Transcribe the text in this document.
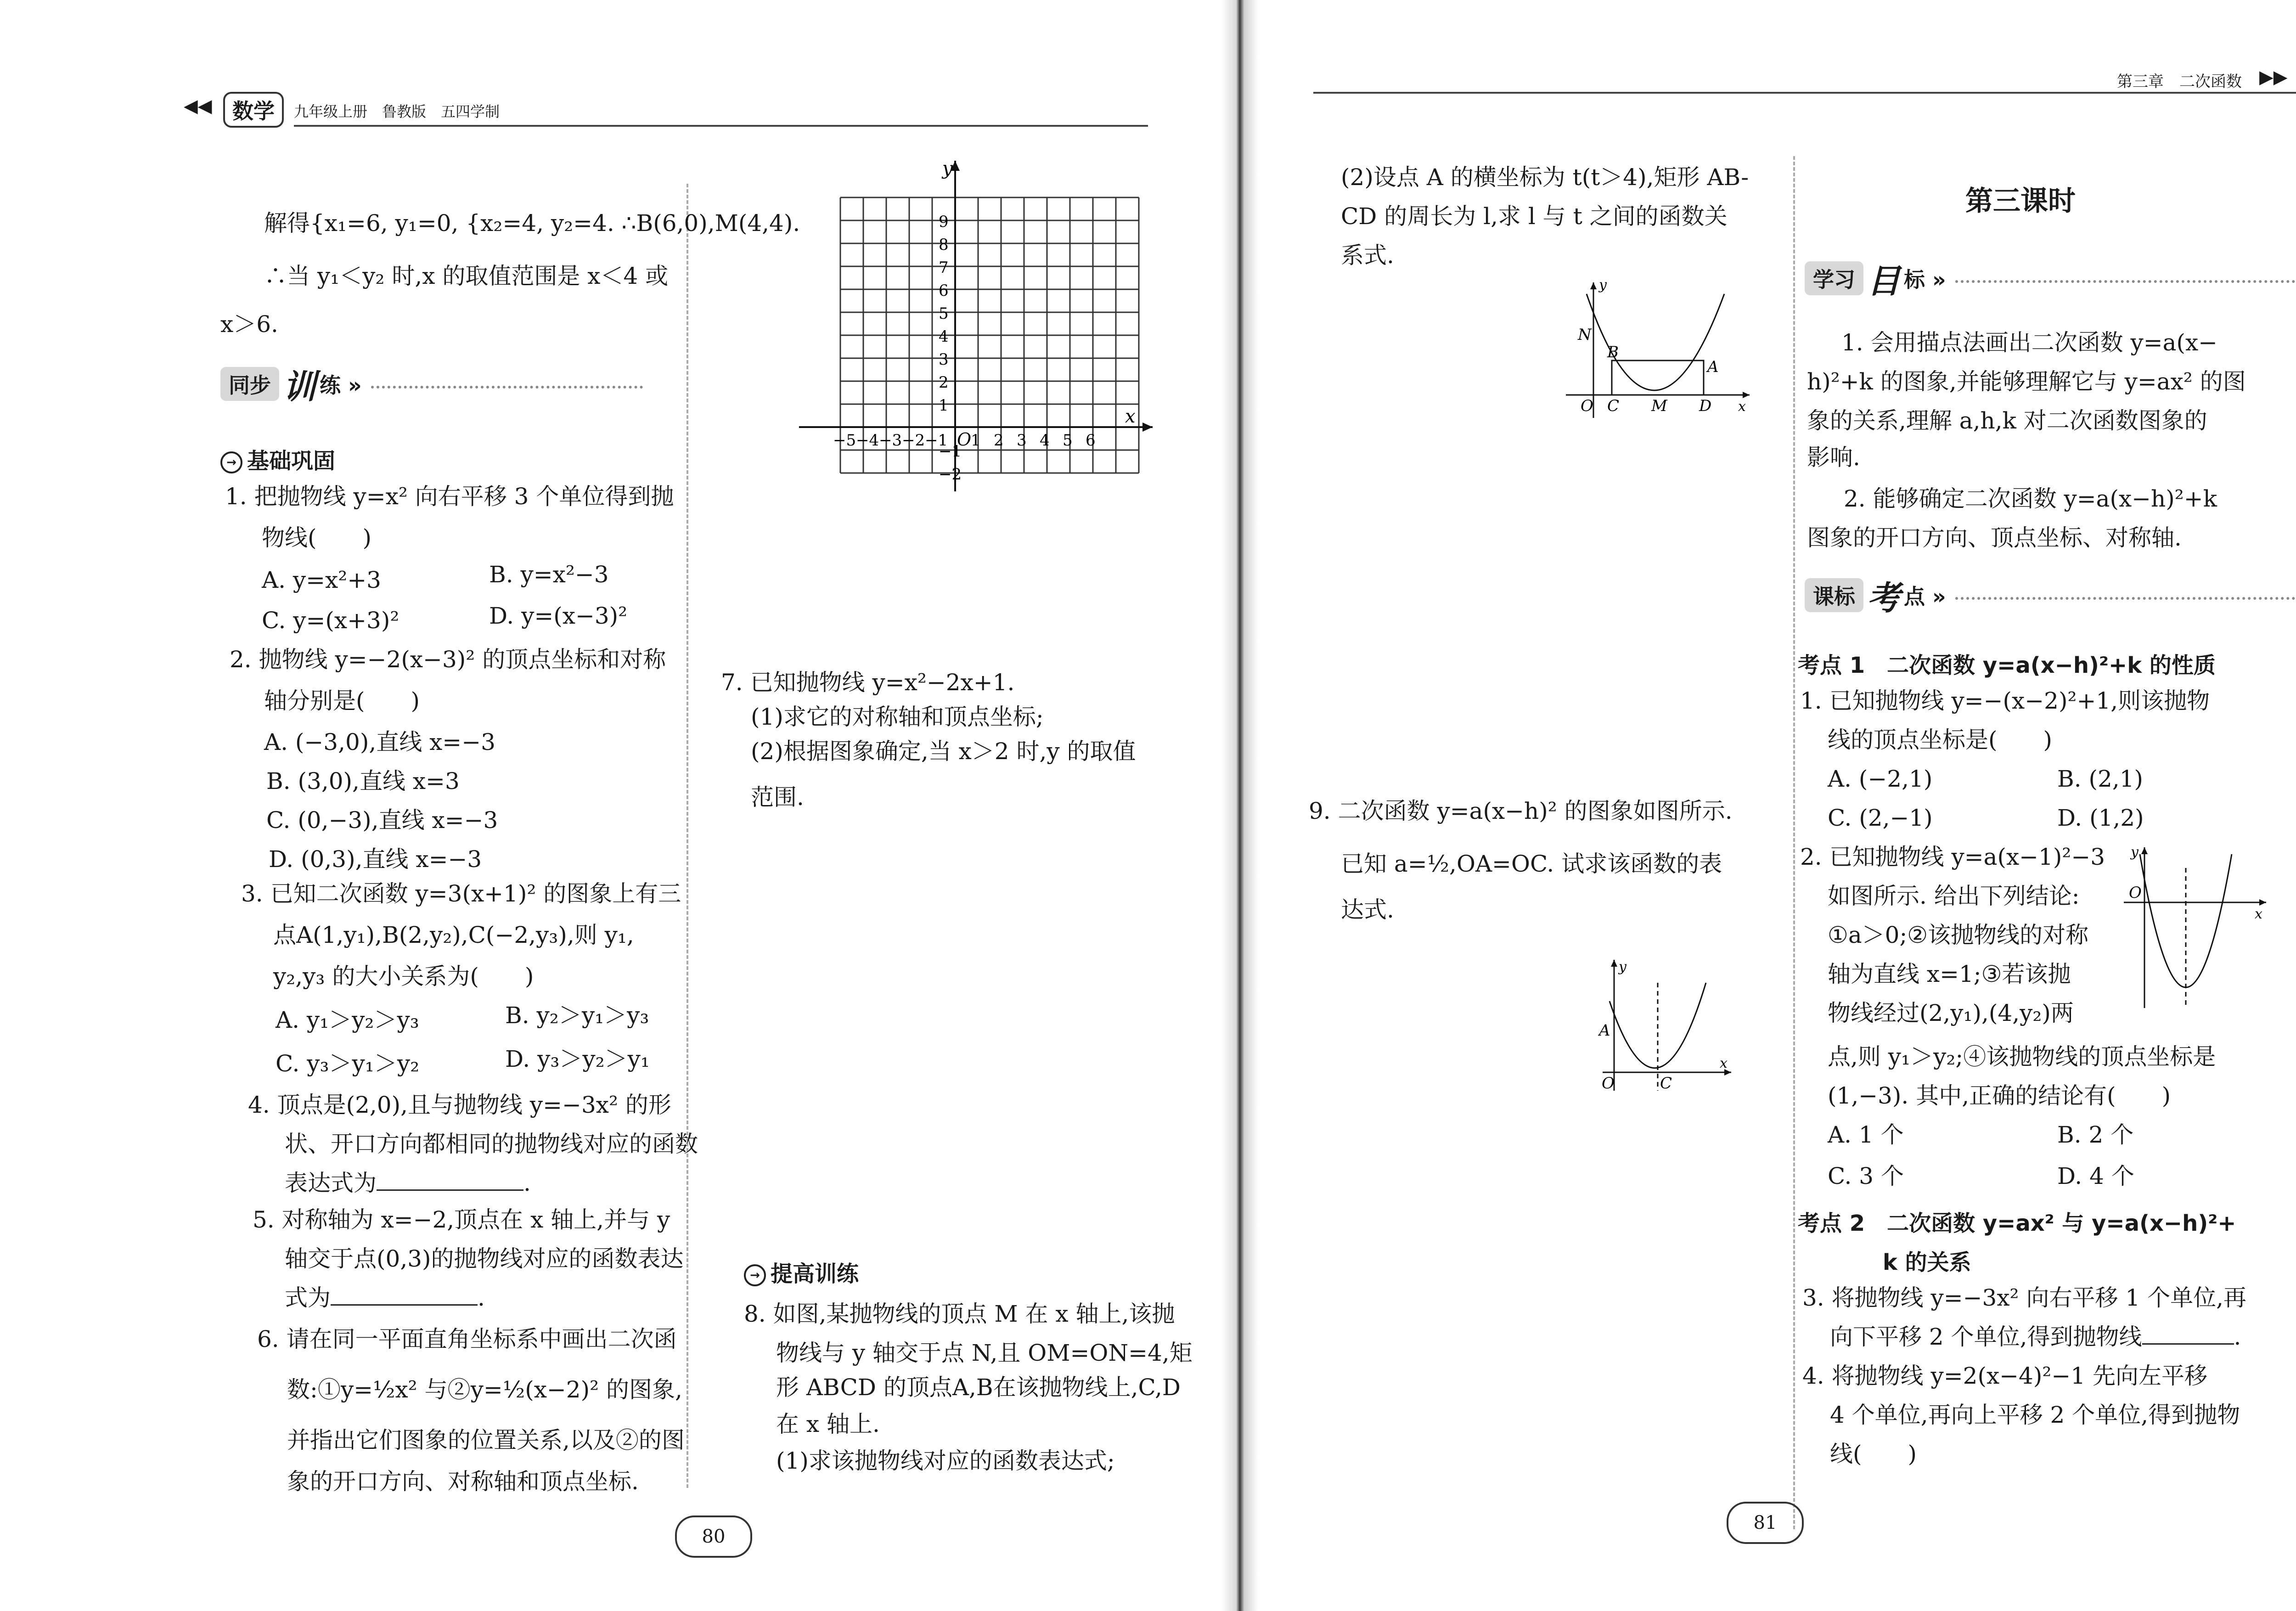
◀◀ 数学	九年级上册　鲁教版　五四学制
解得{x₁=6, y₁=0, {x₂=4, y₂=4. ∴B(6,0),M(4,4).
∴当 y₁＜y₂ 时,x 的取值范围是 x＜4 或
x＞6.
同步 训 练 »
→ 基础巩固
1. 把抛物线 y=x² 向右平移 3 个单位得到抛
物线(　　)
A. y=x²+3	B. y=x²−3
C. y=(x+3)²	D. y=(x−3)²
2. 抛物线 y=−2(x−3)² 的顶点坐标和对称
轴分别是(　　)
A. (−3,0),直线 x=−3
B. (3,0),直线 x=3
C. (0,−3),直线 x=−3
D. (0,3),直线 x=−3
3. 已知二次函数 y=3(x+1)² 的图象上有三
点A(1,y₁),B(2,y₂),C(−2,y₃),则 y₁,
y₂,y₃ 的大小关系为(　　)
A. y₁＞y₂＞y₃	B. y₂＞y₁＞y₃
C. y₃＞y₁＞y₂	D. y₃＞y₂＞y₁
4. 顶点是(2,0),且与抛物线 y=−3x² 的形
状、开口方向都相同的抛物线对应的函数
表达式为	.
5. 对称轴为 x=−2,顶点在 x 轴上,并与 y
轴交于点(0,3)的抛物线对应的函数表达
式为	.
6. 请在同一平面直角坐标系中画出二次函
数:①y=½x² 与②y=½(x−2)² 的图象,
并指出它们图象的位置关系,以及②的图
象的开口方向、对称轴和顶点坐标.
y
x
O
−5 −4 −3 −2 −1 1 2 3 4 5 6
9
8
7
6
5
4
3
2
1
−1
−2
7. 已知抛物线 y=x²−2x+1.
(1)求它的对称轴和顶点坐标;
(2)根据图象确定,当 x＞2 时,y 的取值
范围.
→ 提高训练
8. 如图,某抛物线的顶点 M 在 x 轴上,该抛
物线与 y 轴交于点 N,且 OM=ON=4,矩
形 ABCD 的顶点A,B在该抛物线上,C,D
在 x 轴上.
(1)求该抛物线对应的函数表达式;
80
第三章　二次函数 ▶▶
(2)设点 A 的横坐标为 t(t＞4),矩形 AB-
CD 的周长为 l,求 l 与 t 之间的函数关
系式.
N
B
A
O C M D x
y
9. 二次函数 y=a(x−h)² 的图象如图所示.
已知 a=½,OA=OC. 试求该函数的表
达式.
A
O	C
x
y
第三课时
学习 目 标 »
1. 会用描点法画出二次函数 y=a(x−
h)²+k 的图象,并能够理解它与 y=ax² 的图
象的关系,理解 a,h,k 对二次函数图象的
影响.
2. 能够确定二次函数 y=a(x−h)²+k
图象的开口方向、顶点坐标、对称轴.
课标 考 点 »
考点 1　二次函数 y=a(x−h)²+k 的性质
1. 已知抛物线 y=−(x−2)²+1,则该抛物
线的顶点坐标是(　　)
A. (−2,1)	B. (2,1)
C. (2,−1)	D. (1,2)
2. 已知抛物线 y=a(x−1)²−3
如图所示. 给出下列结论:
①a＞0;②该抛物线的对称
轴为直线 x=1;③若该抛
物线经过(2,y₁),(4,y₂)两
点,则 y₁＞y₂;④该抛物线的顶点坐标是
(1,−3). 其中,正确的结论有(　　)
A. 1 个	B. 2 个
C. 3 个	D. 4 个
O
x
y
考点 2　二次函数 y=ax² 与 y=a(x−h)²+
k 的关系
3. 将抛物线 y=−3x² 向右平移 1 个单位,再
向下平移 2 个单位,得到抛物线	.
4. 将抛物线 y=2(x−4)²−1 先向左平移
4 个单位,再向上平移 2 个单位,得到抛物
线(　　)
81
